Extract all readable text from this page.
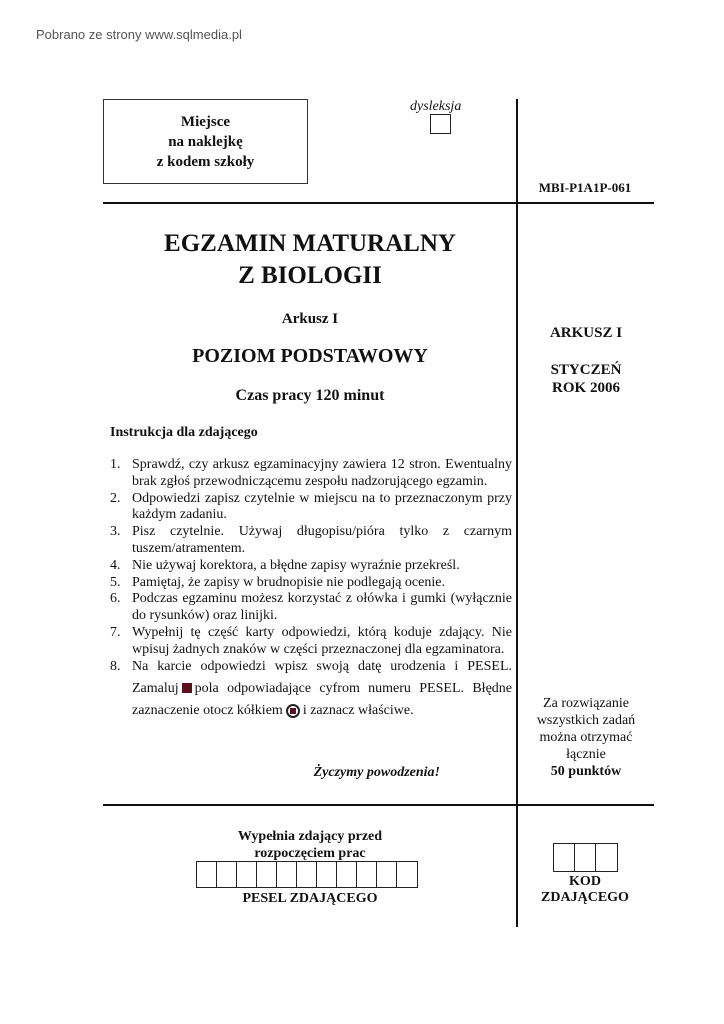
Pobrano ze strony www.sqlmedia.pl
Miejsce
na naklejkę
z kodem szkoły
dysleksja
MBI-P1A1P-061
EGZAMIN MATURALNY
Z BIOLOGII
Arkusz I
POZIOM PODSTAWOWY
Czas pracy 120 minut
Instrukcja dla zdającego
1. Sprawdź, czy arkusz egzaminacyjny zawiera 12 stron. Ewentualny brak zgłoś przewodniczącemu zespołu nadzorującego egzamin.
2. Odpowiedzi zapisz czytelnie w miejscu na to przeznaczonym przy każdym zadaniu.
3. Pisz czytelnie. Używaj długopisu/pióra tylko z czarnym tuszem/atramentem.
4. Nie używaj korektora, a błędne zapisy wyraźnie przekreśl.
5. Pamiętaj, że zapisy w brudnopisie nie podlegają ocenie.
6. Podczas egzaminu możesz korzystać z ołówka i gumki (wyłącznie do rysunków) oraz linijki.
7. Wypełnij tę część karty odpowiedzi, którą koduje zdający. Nie wpisuj żadnych znaków w części przeznaczonej dla egzaminatora.
8. Na karcie odpowiedzi wpisz swoją datę urodzenia i PESEL. Zamaluj pola odpowiadające cyfrom numeru PESEL. Błędne zaznaczenie otocz kółkiem i zaznacz właściwe.
Życzymy powodzenia!
ARKUSZ I
STYCZEŃ
ROK 2006
Za rozwiązanie
wszystkich zadań
można otrzymać
łącznie
50 punktów
Wypełnia zdający przed
rozpoczęciem prac
PESEL ZDAJĄCEGO
KOD
ZDAJĄCEGO
